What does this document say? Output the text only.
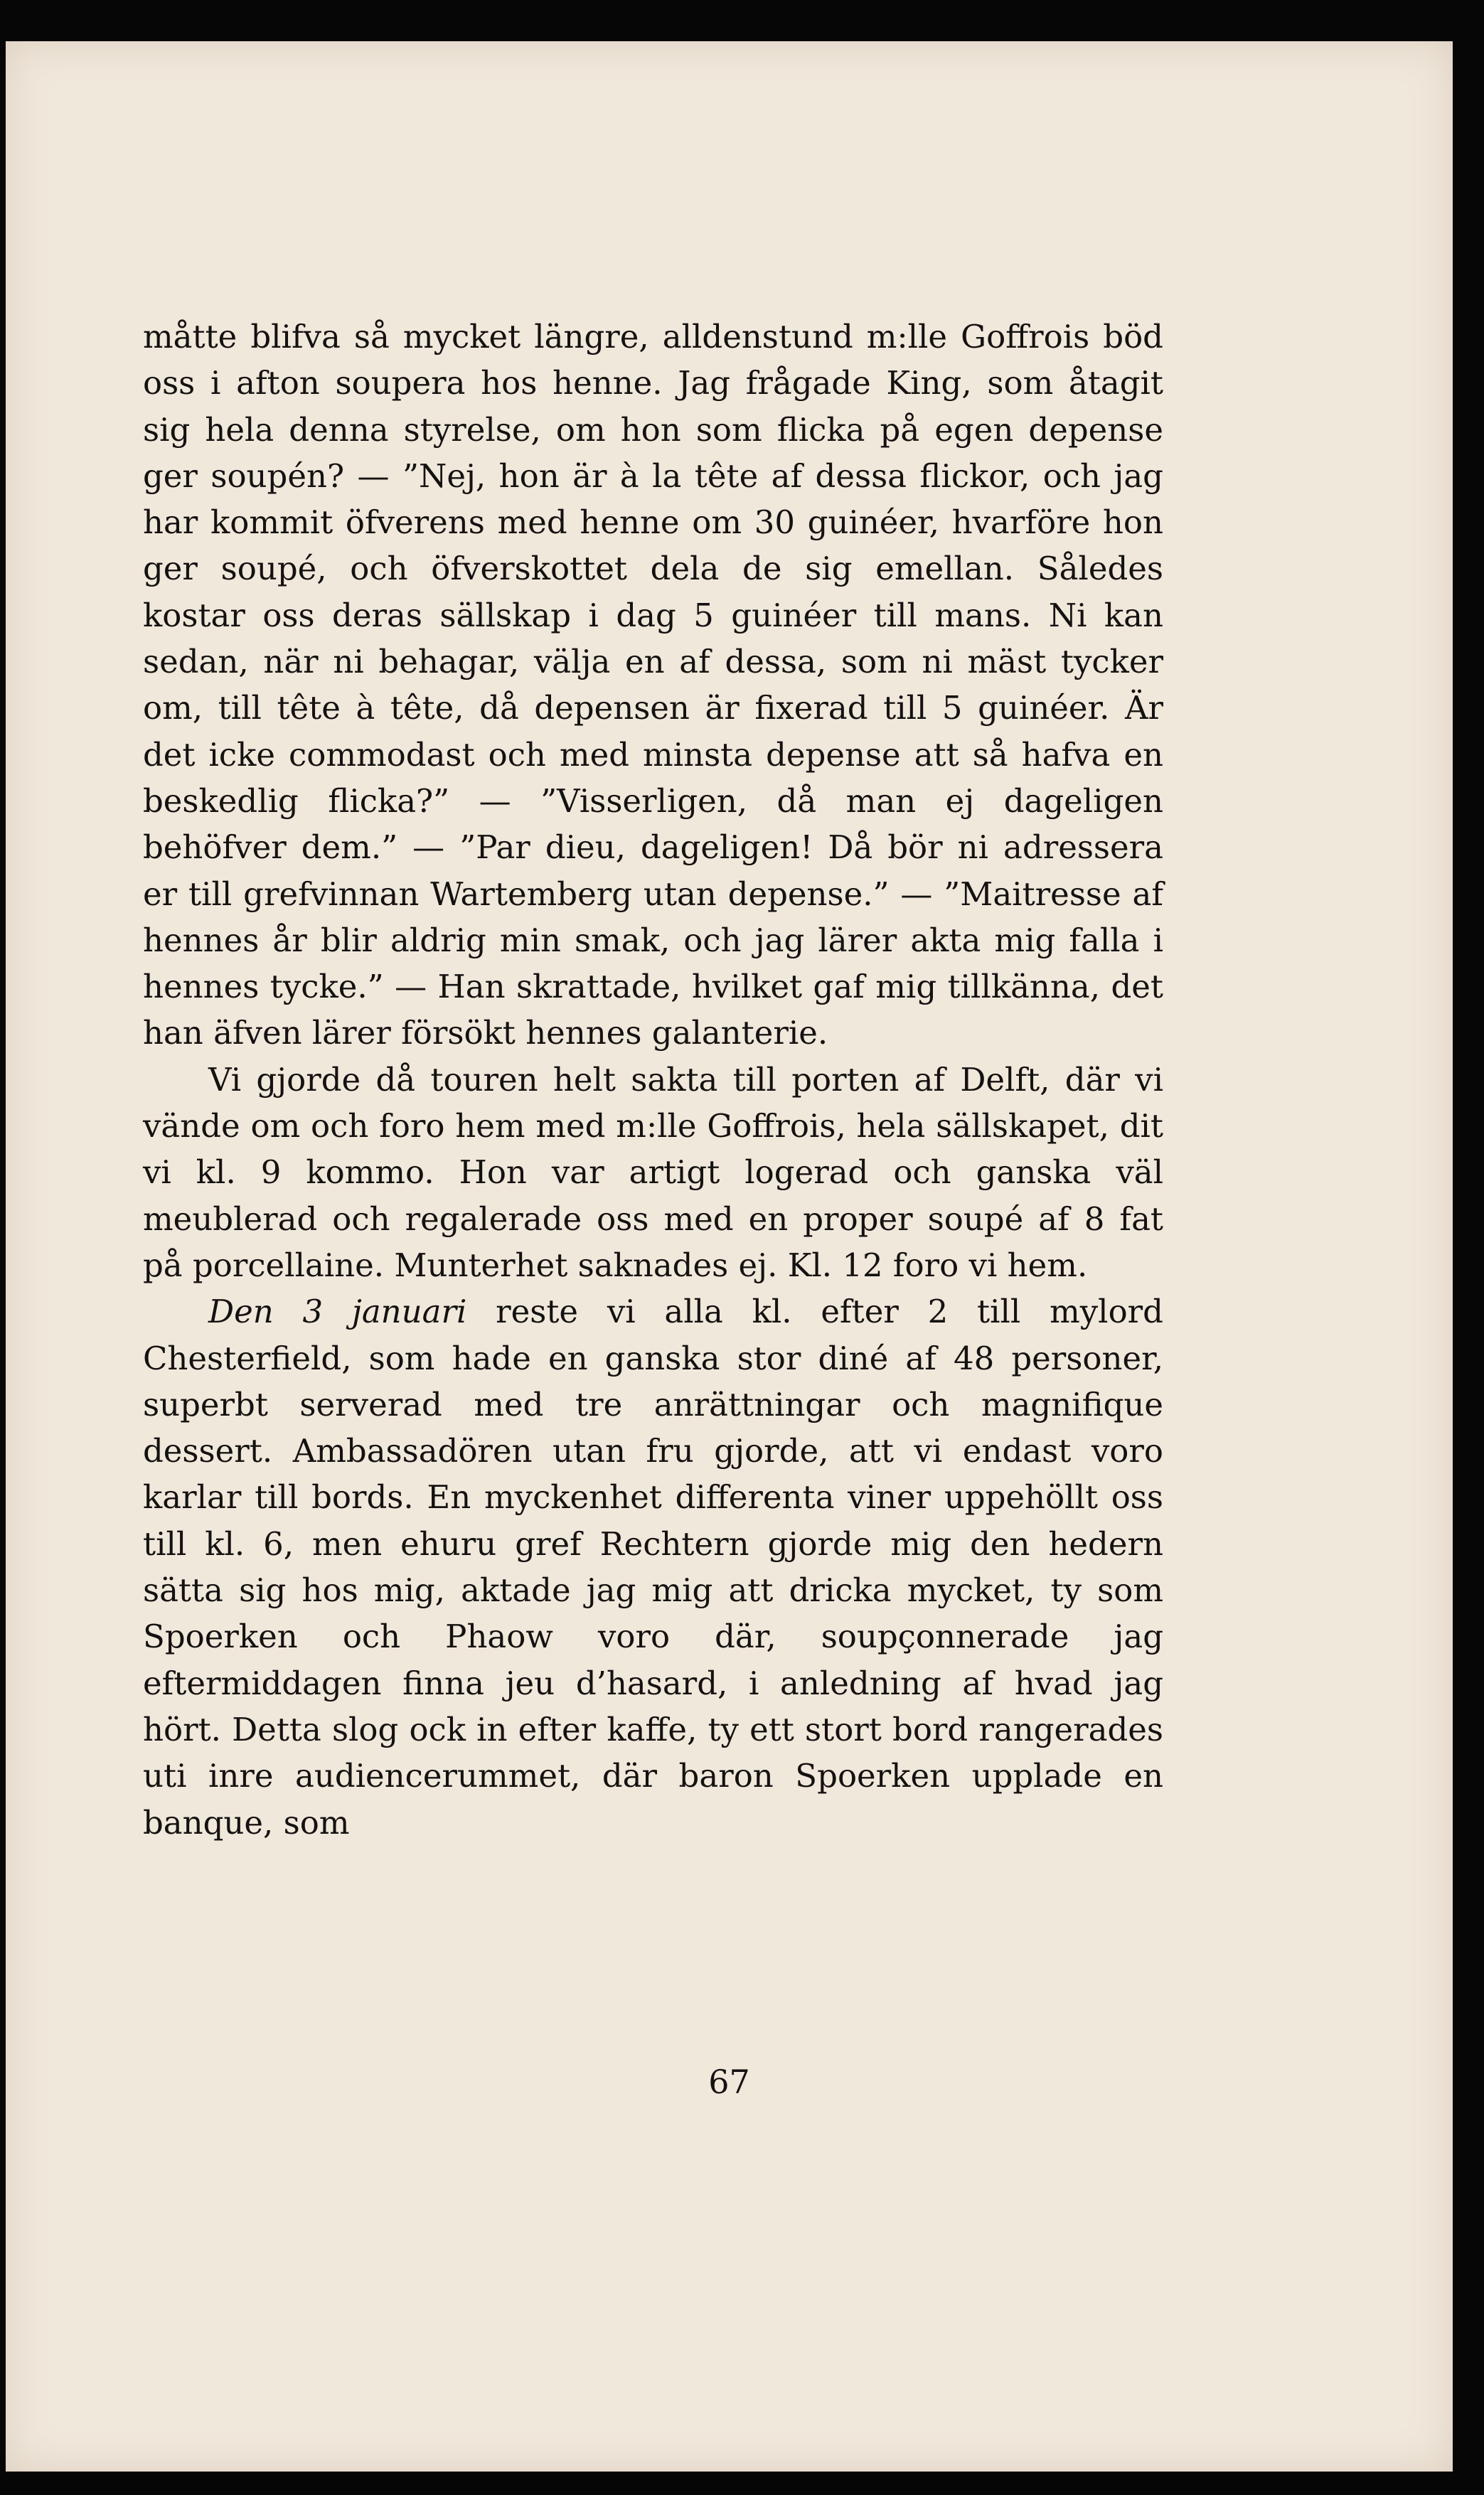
måtte blifva så mycket längre, alldenstund m:lle Goffrois böd oss i afton soupera hos henne. Jag frågade King, som åtagit sig hela denna styrelse, om hon som flicka på egen depense ger soupén? — ”Nej, hon är à la tête af dessa flickor, och jag har kommit öfverens med henne om 30 guinéer, hvarföre hon ger soupé, och öfverskottet dela de sig emellan. Således kostar oss deras sällskap i dag 5 guinéer till mans. Ni kan sedan, när ni behagar, välja en af dessa, som ni mäst tycker om, till tête à tête, då depensen är fixerad till 5 guinéer. Är det icke commodast och med minsta depense att så hafva en beskedlig flicka?” — ”Visserligen, då man ej dageligen behöfver dem.” — ”Par dieu, dageligen! Då bör ni adressera er till grefvinnan Wartemberg utan depense.” — ”Maitresse af hennes år blir aldrig min smak, och jag lärer akta mig falla i hennes tycke.” — Han skrattade, hvilket gaf mig tillkänna, det han äfven lärer försökt hennes galanterie.

Vi gjorde då touren helt sakta till porten af Delft, där vi vände om och foro hem med m:lle Goffrois, hela sällskapet, dit vi kl. 9 kommo. Hon var artigt logerad och ganska väl meublerad och regalerade oss med en proper soupé af 8 fat på porcellaine. Munterhet saknades ej. Kl. 12 foro vi hem.

Den 3 januari reste vi alla kl. efter 2 till mylord Chesterfield, som hade en ganska stor diné af 48 personer, superbt serverad med tre anrättningar och magnifique dessert. Ambassadören utan fru gjorde, att vi endast voro karlar till bords. En myckenhet differenta viner uppehöllt oss till kl. 6, men ehuru gref Rechtern gjorde mig den hedern sätta sig hos mig, aktade jag mig att dricka mycket, ty som Spoerken och Phaow voro där, soupçonnerade jag eftermiddagen finna jeu d’hasard, i anledning af hvad jag hört. Detta slog ock in efter kaffe, ty ett stort bord rangerades uti inre audiencerummet, där baron Spoerken upplade en banque, som

67
